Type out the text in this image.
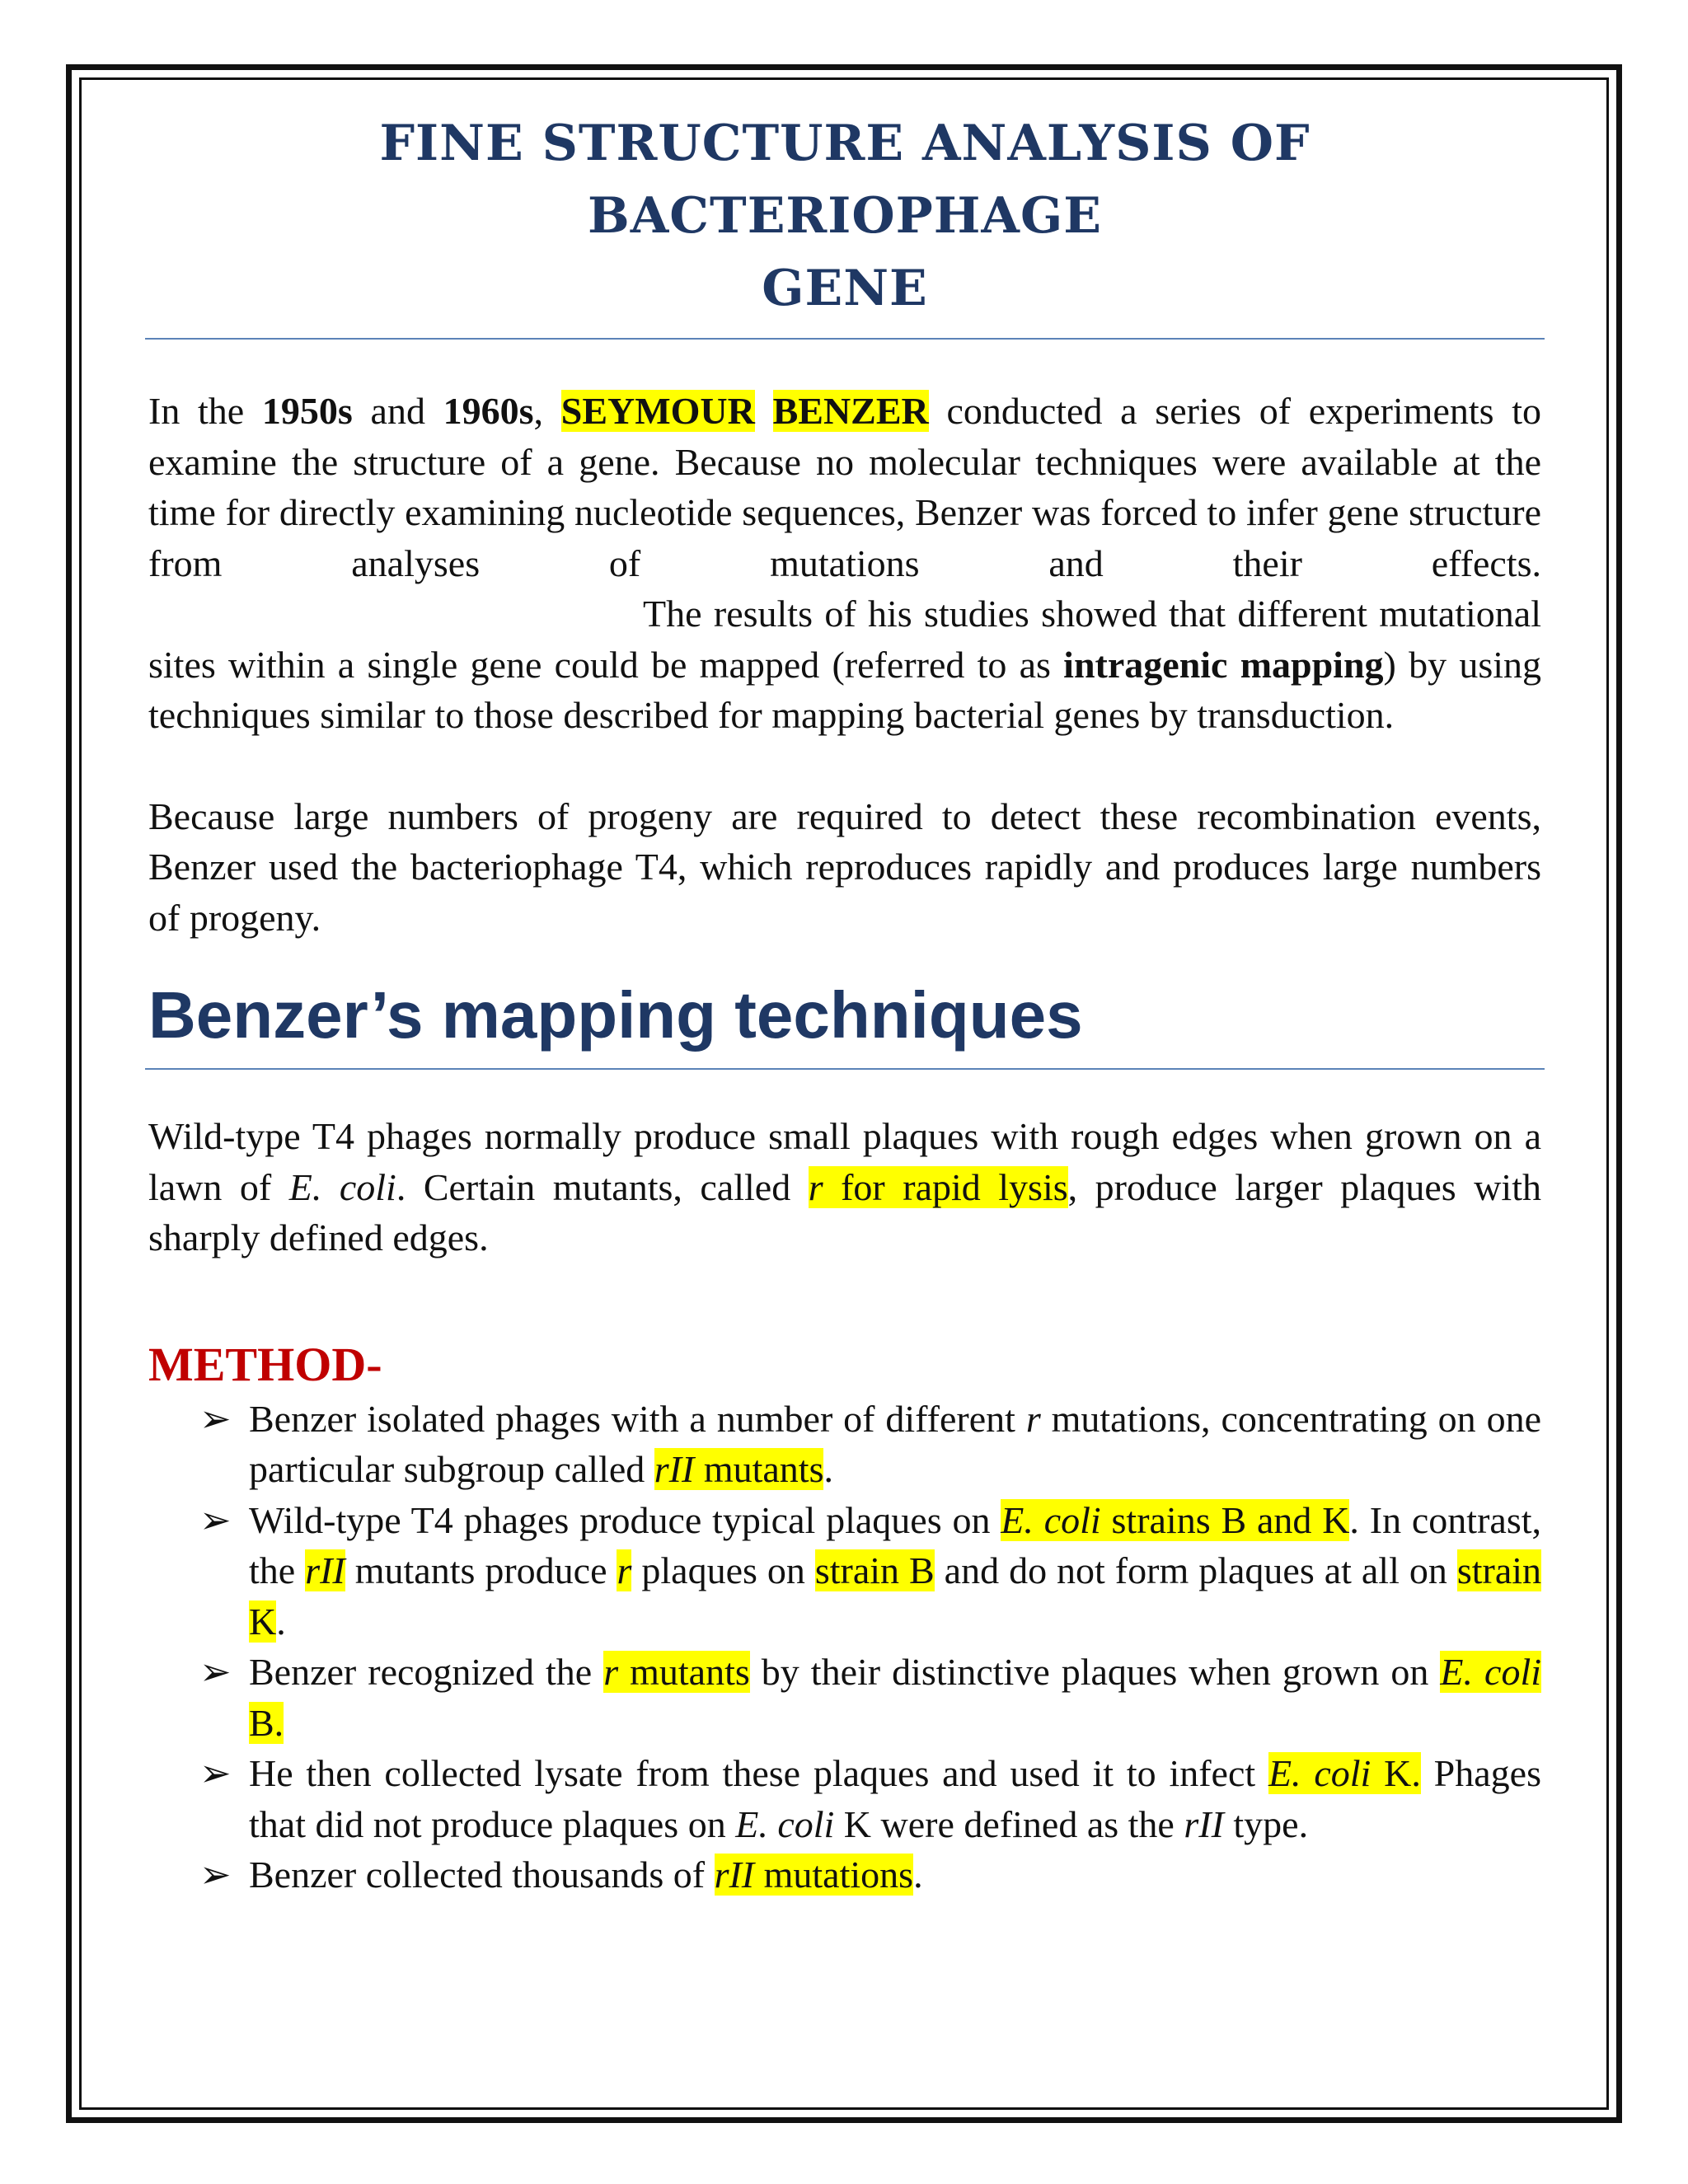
FINE STRUCTURE ANALYSIS OF BACTERIOPHAGE
GENE

In the 1950s and 1960s, SEYMOUR BENZER conducted a series of experiments to examine the structure of a gene. Because no molecular techniques were available at the time for directly examining nucleotide sequences, Benzer was forced to infer gene structure from analyses of mutations and their effects.

The results of his studies showed that different mutational sites within a single gene could be mapped (referred to as intragenic mapping) by using techniques similar to those described for mapping bacterial genes by transduction.

Because large numbers of progeny are required to detect these recombination events, Benzer used the bacteriophage T4, which reproduces rapidly and produces large numbers of progeny.

Benzer’s mapping techniques

Wild-type T4 phages normally produce small plaques with rough edges when grown on a lawn of E. coli. Certain mutants, called r for rapid lysis, produce larger plaques with sharply defined edges.

METHOD-
➢ Benzer isolated phages with a number of different r mutations, concentrating on one particular subgroup called rII mutants.

➢ Wild-type T4 phages produce typical plaques on E. coli strains B and K. In contrast, the rII mutants produce r plaques on strain B and do not form plaques at all on strain K.

➢ Benzer recognized the r mutants by their distinctive plaques when grown on E. coli B.

➢ He then collected lysate from these plaques and used it to infect E. coli K. Phages that did not produce plaques on E. coli K were defined as the rII type.

➢ Benzer collected thousands of rII mutations.
